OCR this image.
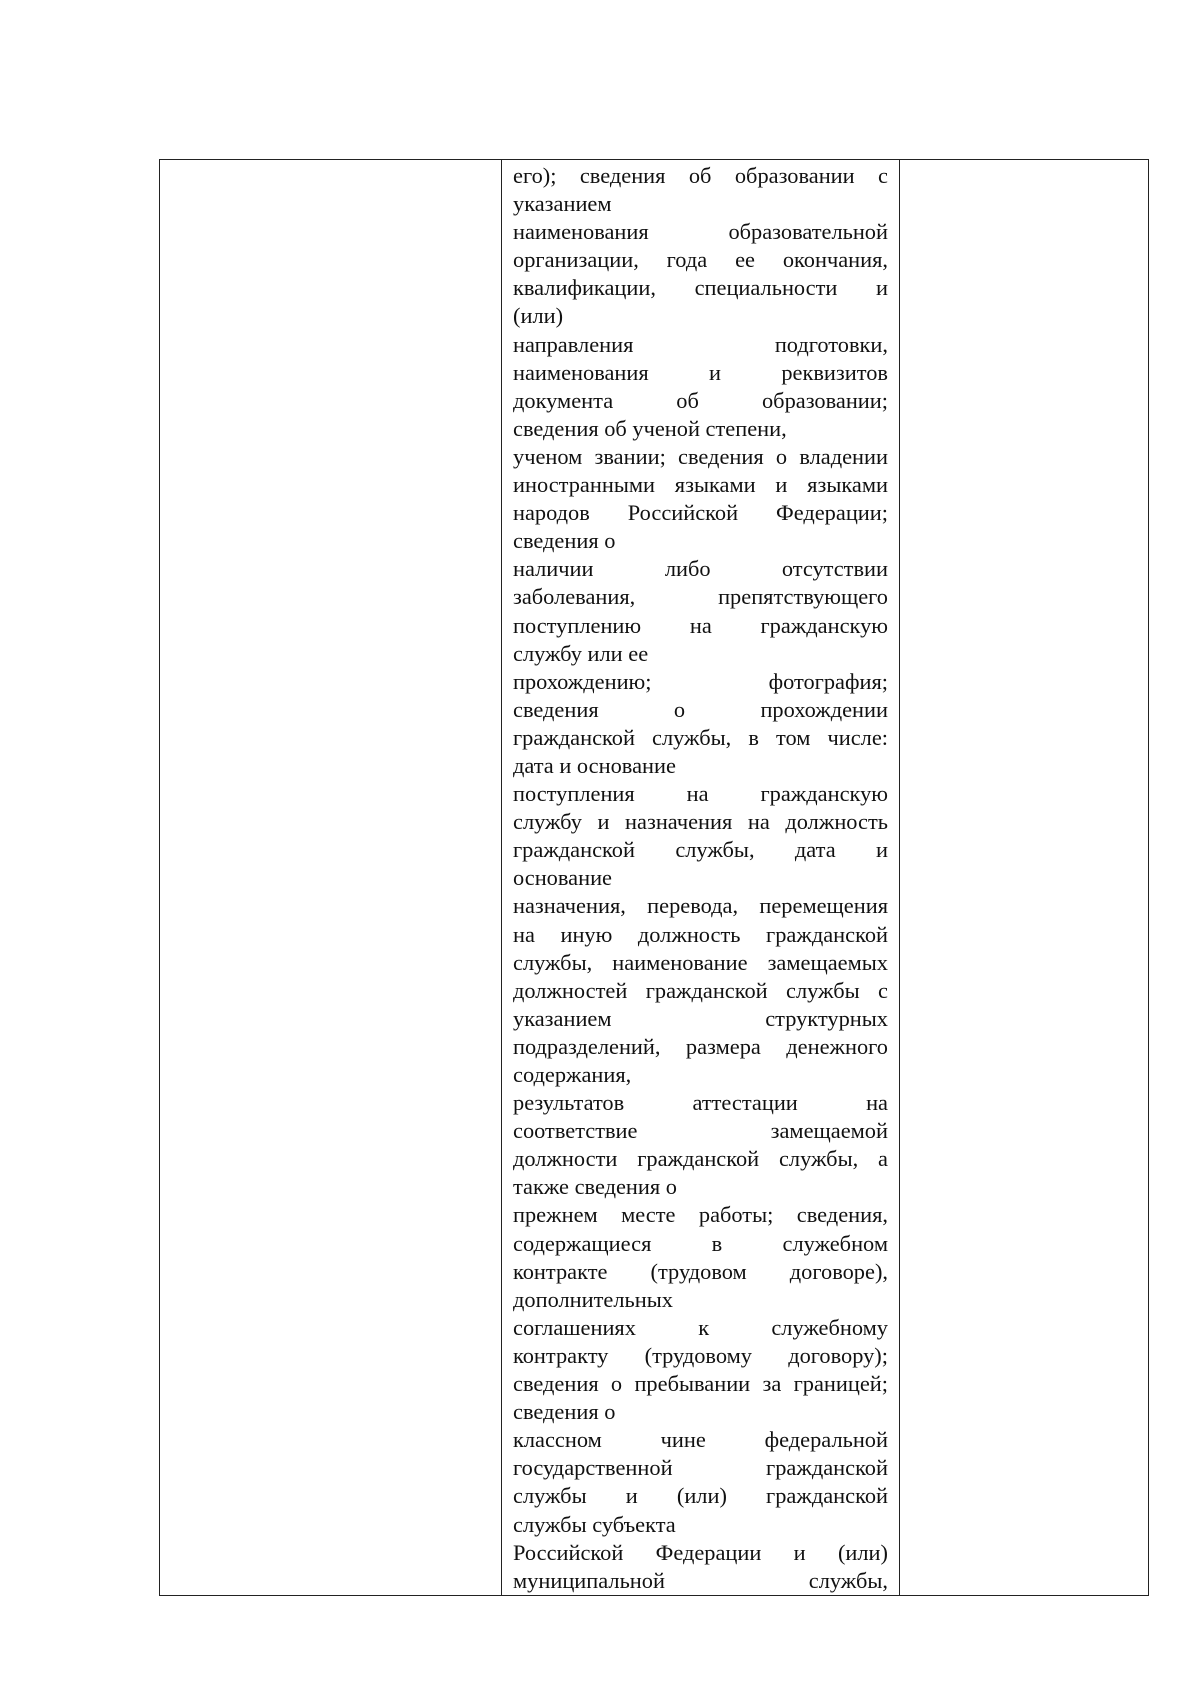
его); сведения об образовании с
указанием
наименования образовательной
организации, года ее окончания,
квалификации, специальности и
(или)
направления подготовки,
наименования и реквизитов
документа об образовании;
сведения об ученой степени,
ученом звании; сведения о владении
иностранными языками и языками
народов Российской Федерации;
сведения о
наличии либо отсутствии
заболевания, препятствующего
поступлению на гражданскую
службу или ее
прохождению; фотография;
сведения о прохождении
гражданской службы, в том числе:
дата и основание
поступления на гражданскую
службу и назначения на должность
гражданской службы, дата и
основание
назначения, перевода, перемещения
на иную должность гражданской
службы, наименование замещаемых
должностей гражданской службы с
указанием структурных
подразделений, размера денежного
содержания,
результатов аттестации на
соответствие замещаемой
должности гражданской службы, а
также сведения о
прежнем месте работы; сведения,
содержащиеся в служебном
контракте (трудовом договоре),
дополнительных
соглашениях к служебному
контракту (трудовому договору);
сведения о пребывании за границей;
сведения о
классном чине федеральной
государственной гражданской
службы и (или) гражданской
службы субъекта
Российской Федерации и (или)
муниципальной службы,
